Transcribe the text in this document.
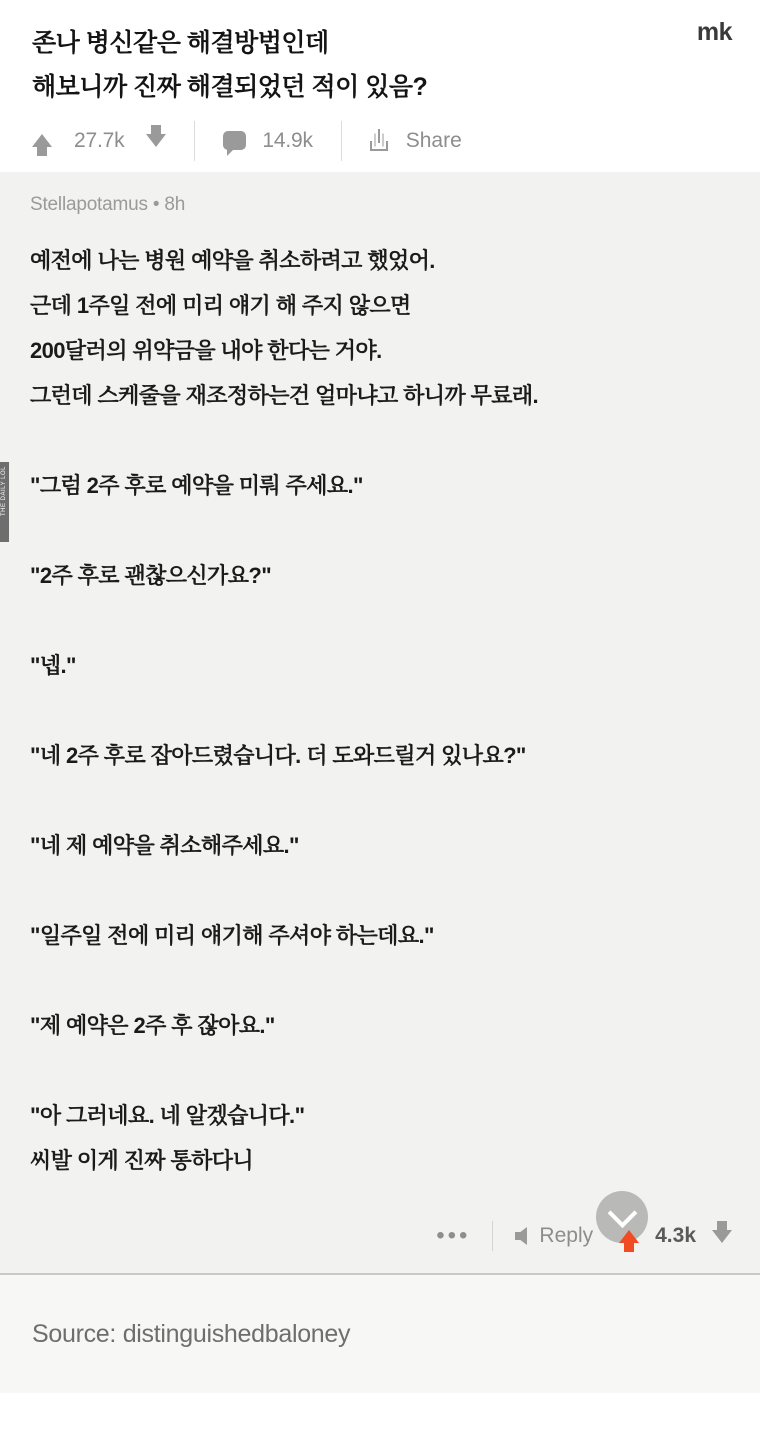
mk
존나 병신같은 해결방법인데
해보니까 진짜 해결되었던 적이 있음?
27.7k	14.9k	Share
THE DAILY LOL
Stellapotamus • 8h

예전에 나는 병원 예약을 취소하려고 했었어.
근데 1주일 전에 미리 얘기 해 주지 않으면
200달러의 위약금을 내야 한다는 거야.
그런데 스케줄을 재조정하는건 얼마냐고 하니까 무료래.
"그럼 2주 후로 예약을 미뤄 주세요."
"2주 후로 괜찮으신가요?"
"넵."
"네 2주 후로 잡아드렸습니다. 더 도와드릴거 있나요?"
"네 제 예약을 취소해주세요."
"일주일 전에 미리 얘기해 주셔야 하는데요."
"제 예약은 2주 후 잖아요."
"아 그러네요. 네 알겠습니다."
씨발 이게 진짜 통하다니

•••	Reply	4.3k
Source: distinguishedbaloney
